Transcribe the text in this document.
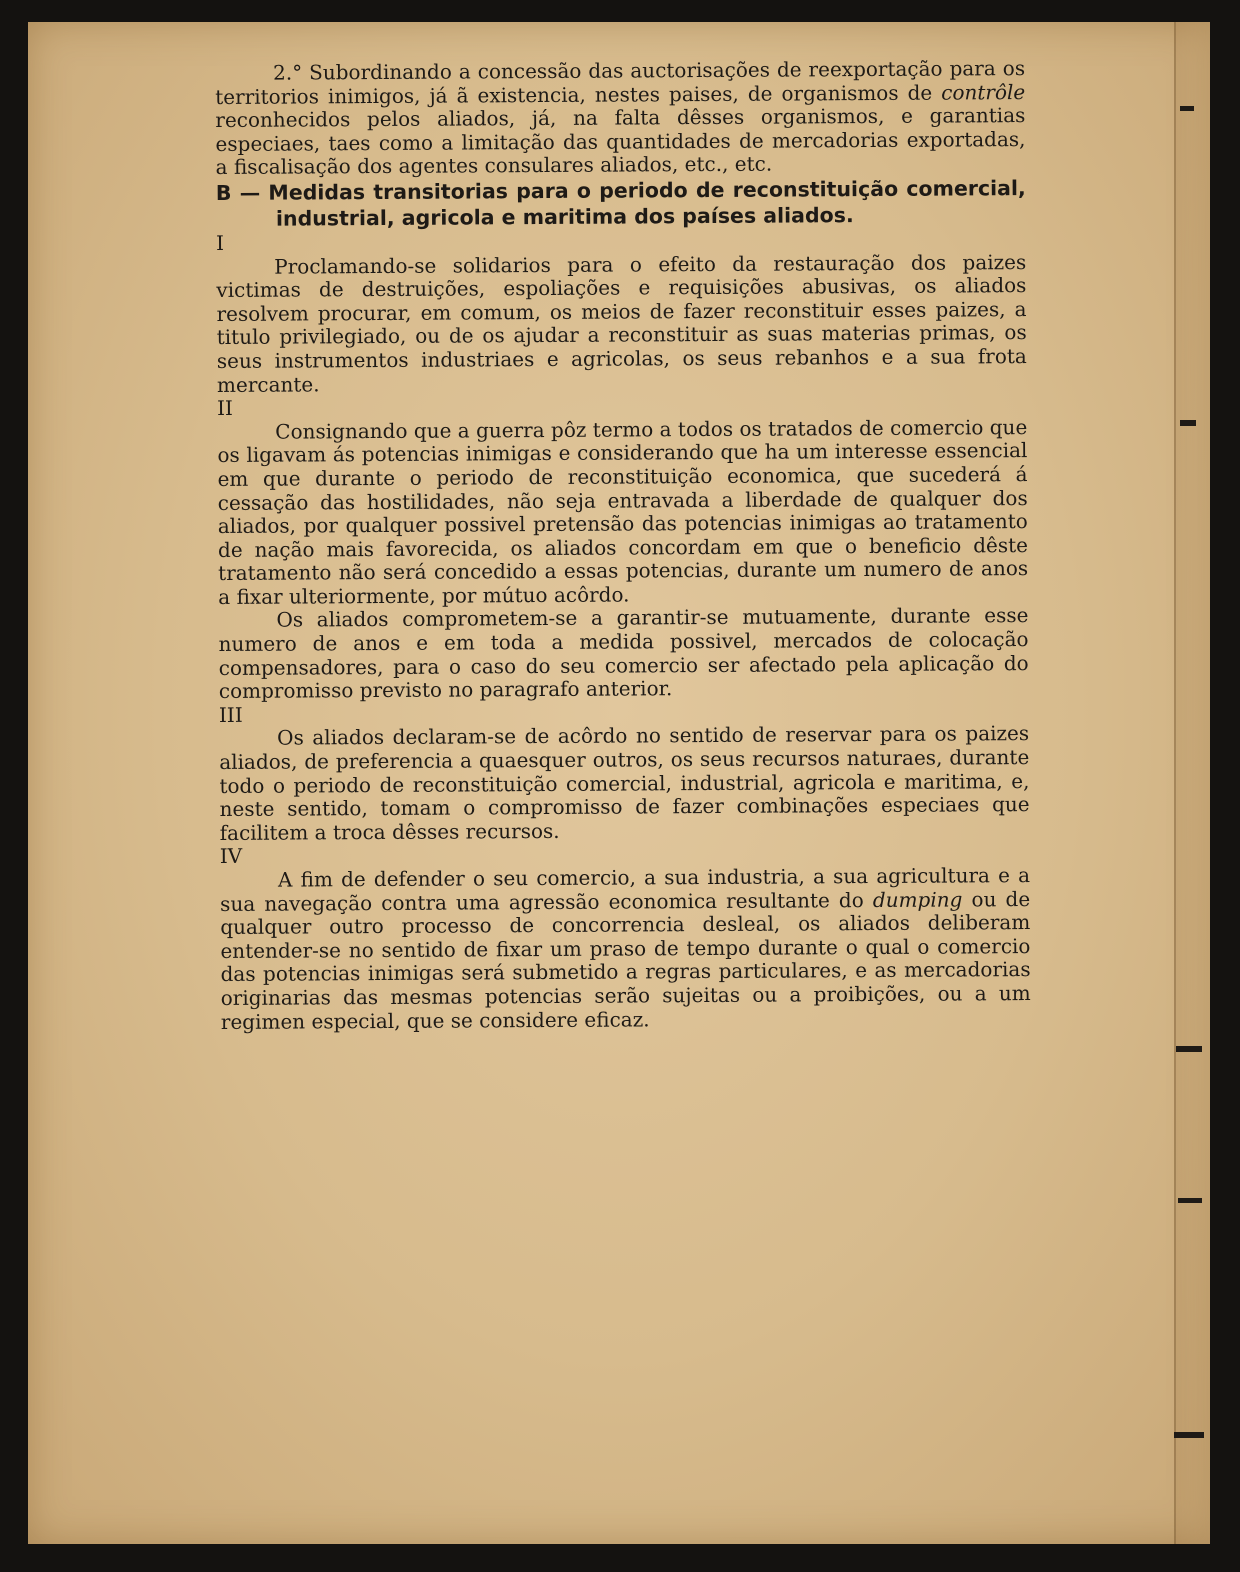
2.° Subordinando a concessão das auctorisações de reexportação para os territorios inimigos, já ã existencia, nestes paises, de organismos de contrôle reconhecidos pelos aliados, já, na falta dêsses organismos, e garantias especiaes, taes como a limitação das quantidades de mercadorias exportadas, a fiscalisação dos agentes consulares aliados, etc., etc.

B — Medidas transitorias para o periodo de reconstituição comercial, industrial, agricola e maritima dos países aliados.

I

Proclamando-se solidarios para o efeito da restauração dos paizes victimas de destruições, espoliações e requisições abusivas, os aliados resolvem procurar, em comum, os meios de fazer reconstituir esses paizes, a titulo privilegiado, ou de os ajudar a reconstituir as suas materias primas, os seus instrumentos industriaes e agricolas, os seus rebanhos e a sua frota mercante.

II

Consignando que a guerra pôz termo a todos os tratados de comercio que os ligavam ás potencias inimigas e considerando que ha um interesse essencial em que durante o periodo de reconstituição economica, que sucederá á cessação das hostilidades, não seja entravada a liberdade de qualquer dos aliados, por qualquer possivel pretensão das potencias inimigas ao tratamento de nação mais favorecida, os aliados concordam em que o beneficio dêste tratamento não será concedido a essas potencias, durante um numero de anos a fixar ulteriormente, por mútuo acôrdo.

Os aliados comprometem-se a garantir-se mutuamente, durante esse numero de anos e em toda a medida possivel, mercados de colocação compensadores, para o caso do seu comercio ser afectado pela aplicação do compromisso previsto no paragrafo anterior.

III

Os aliados declaram-se de acôrdo no sentido de reservar para os paizes aliados, de preferencia a quaesquer outros, os seus recursos naturaes, durante todo o periodo de reconstituição comercial, industrial, agricola e maritima, e, neste sentido, tomam o compromisso de fazer combinações especiaes que facilitem a troca dêsses recursos.

IV

A fim de defender o seu comercio, a sua industria, a sua agricultura e a sua navegação contra uma agressão economica resultante do dumping ou de qualquer outro processo de concorrencia desleal, os aliados deliberam entender-se no sentido de fixar um praso de tempo durante o qual o comercio das potencias inimigas será submetido a regras particulares, e as mercadorias originarias das mesmas potencias serão sujeitas ou a proibições, ou a um regimen especial, que se considere eficaz.
